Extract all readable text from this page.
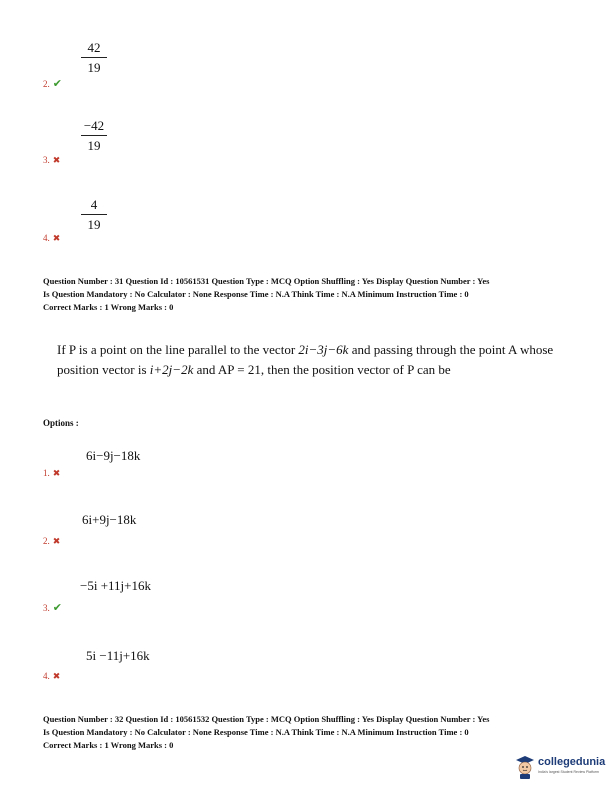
42
19
2. ✔
−42
19
3. ✖
4
19
4. ✖
Question Number : 31 Question Id : 10561531 Question Type : MCQ Option Shuffling : Yes Display Question Number : Yes
Is Question Mandatory : No Calculator : None Response Time : N.A Think Time : N.A Minimum Instruction Time : 0
Correct Marks : 1 Wrong Marks : 0
If P is a point on the line parallel to the vector 2i−3j−6k and passing through the point A whose position vector is i+2j−2k and AP = 21, then the position vector of P can be
Options :
6i−9j−18k
1. ✖
6i+9j−18k
2. ✖
−5i +11j+16k
3. ✔
5i −11j+16k
4. ✖
Question Number : 32 Question Id : 10561532 Question Type : MCQ Option Shuffling : Yes Display Question Number : Yes
Is Question Mandatory : No Calculator : None Response Time : N.A Think Time : N.A Minimum Instruction Time : 0
Correct Marks : 1 Wrong Marks : 0
collegedunia
India's largest Student Review Platform
